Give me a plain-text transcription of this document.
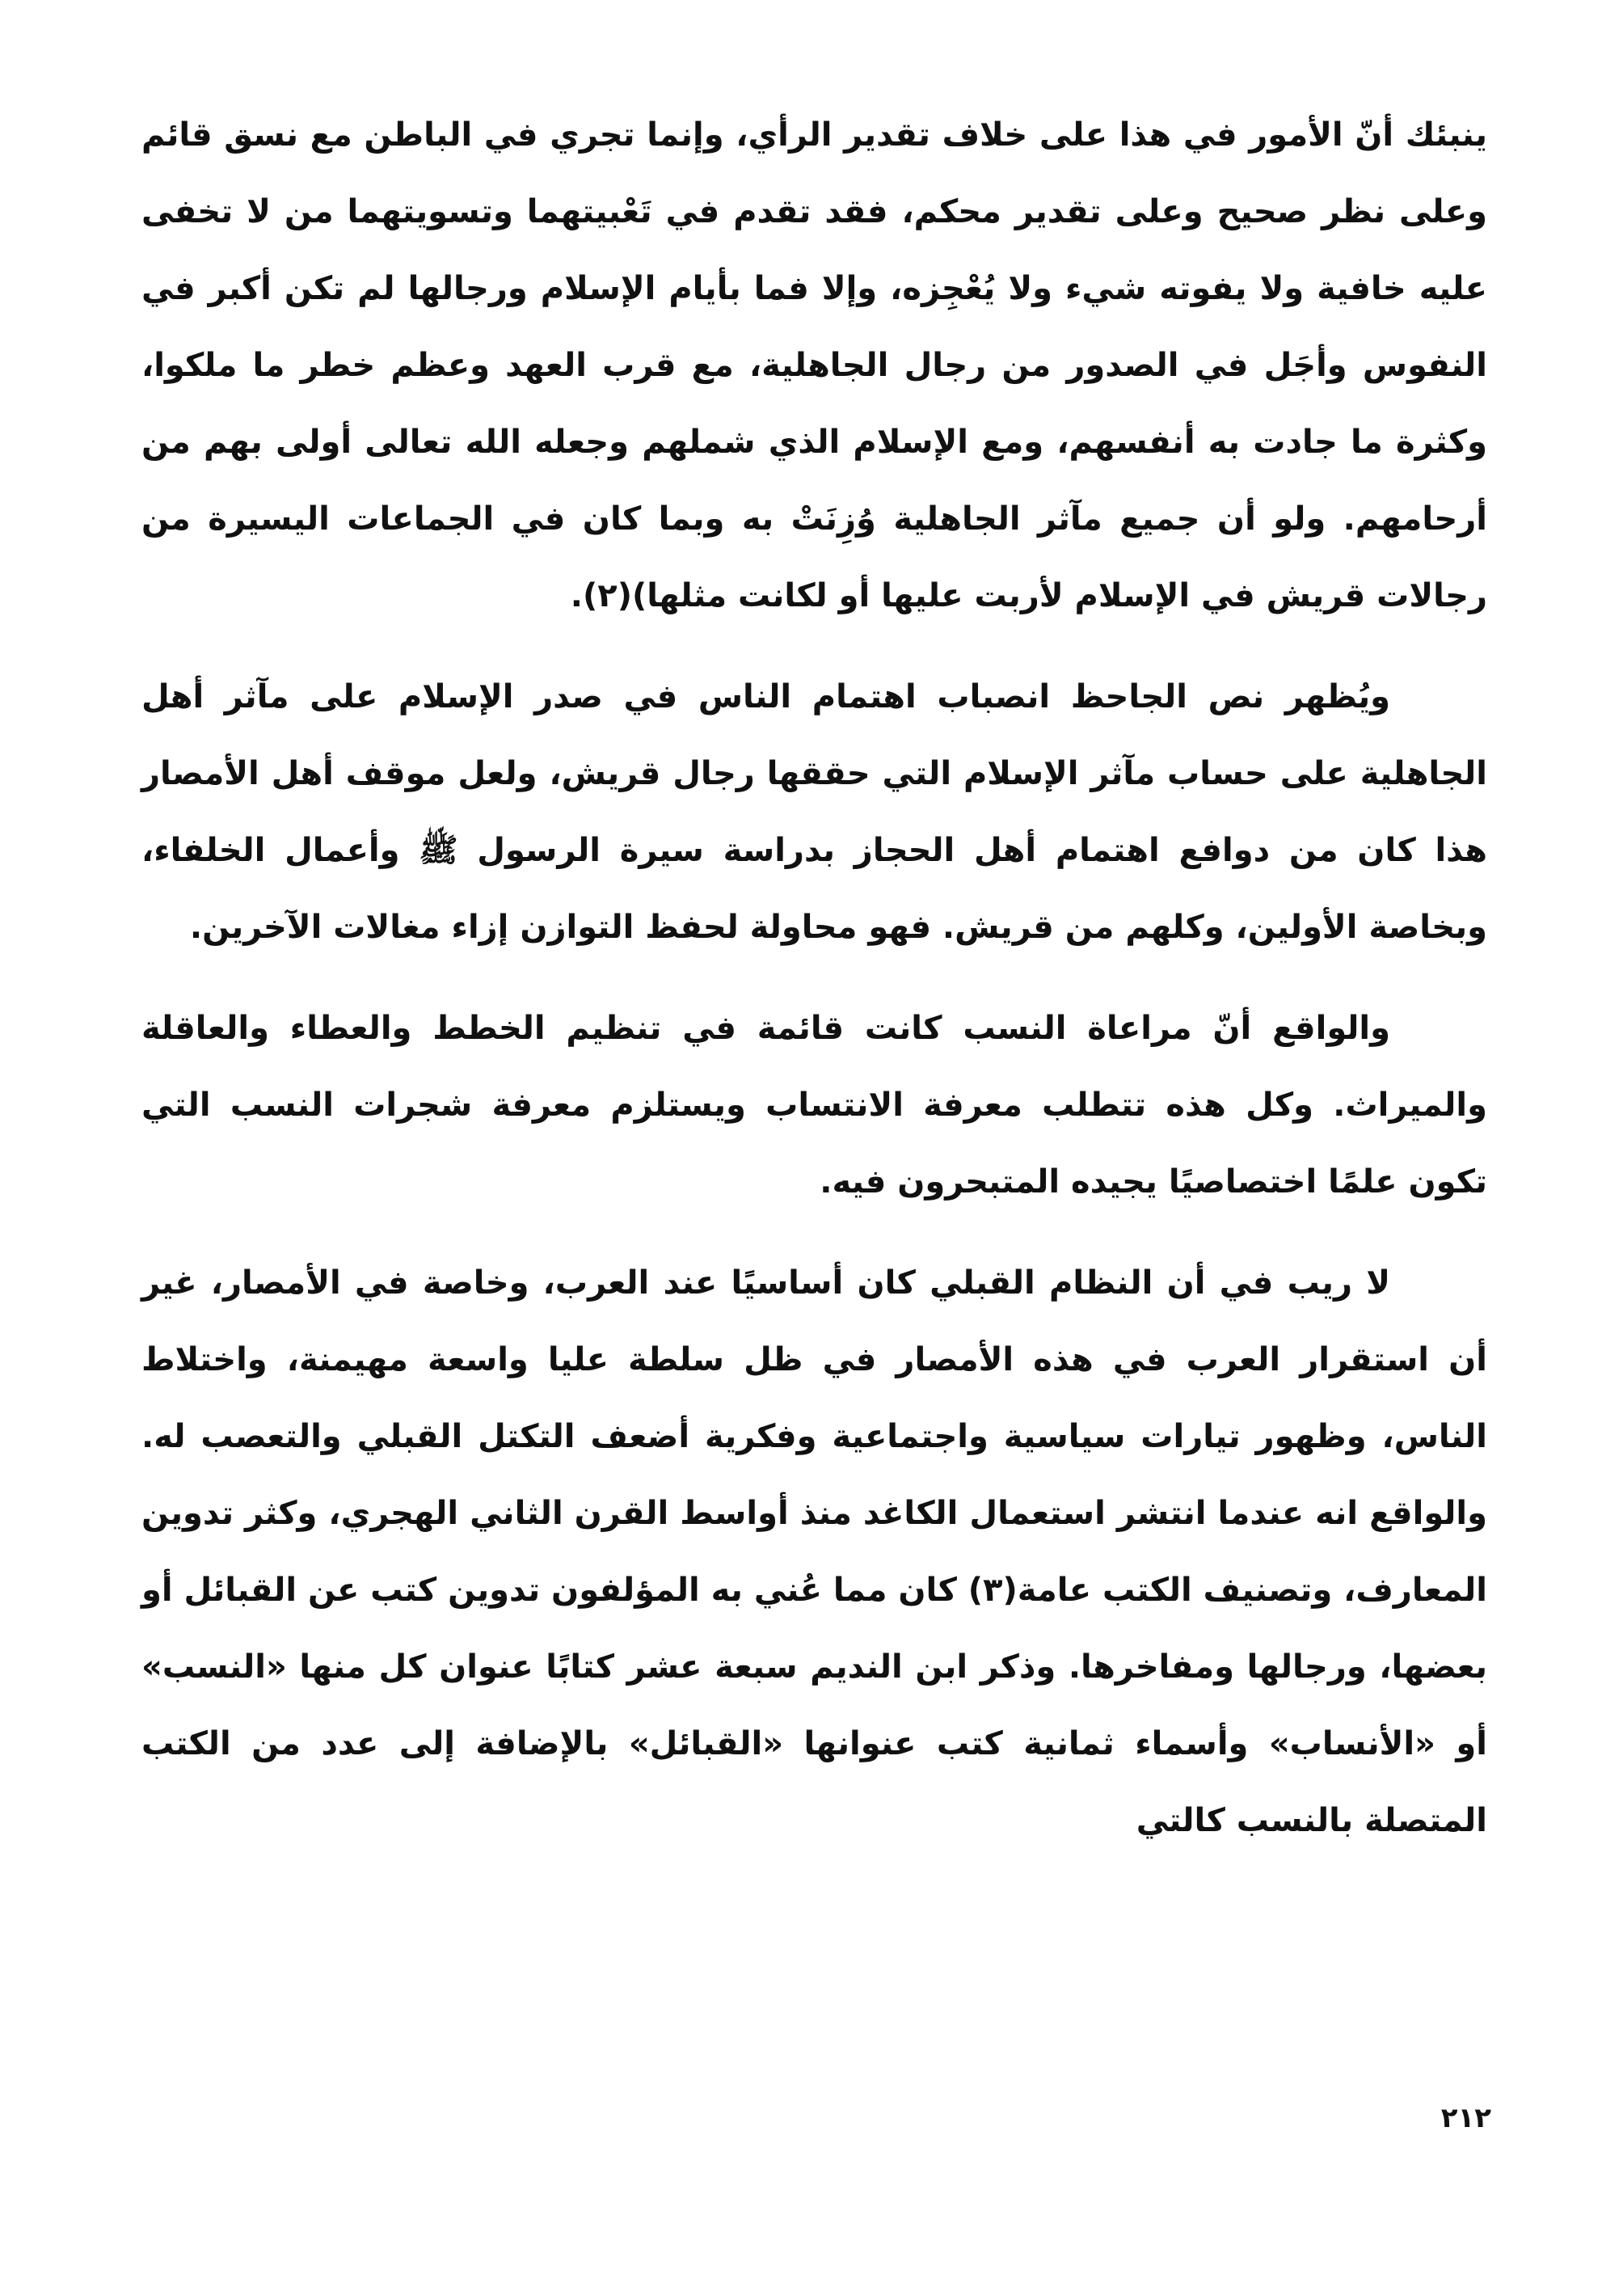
ينبئك أنّ الأمور في هذا على خلاف تقدير الرأي، وإنما تجري في الباطن مع نسق قائم وعلى نظر صحيح وعلى تقدير محكم، فقد تقدم في تَعْبيتهما وتسويتهما من لا تخفى عليه خافية ولا يفوته شيء ولا يُعْجِزه، وإلا فما بأيام الإسلام ورجالها لم تكن أكبر في النفوس وأجَل في الصدور من رجال الجاهلية، مع قرب العهد وعظم خطر ما ملكوا، وكثرة ما جادت به أنفسهم، ومع الإسلام الذي شملهم وجعله الله تعالى أولى بهم من أرحامهم. ولو أن جميع مآثر الجاهلية وُزِنَتْ به وبما كان في الجماعات اليسيرة من رجالات قريش في الإسلام لأربت عليها أو لكانت مثلها)(٢).

ويُظهر نص الجاحظ انصباب اهتمام الناس في صدر الإسلام على مآثر أهل الجاهلية على حساب مآثر الإسلام التي حققها رجال قريش، ولعل موقف أهل الأمصار هذا كان من دوافع اهتمام أهل الحجاز بدراسة سيرة الرسول ﷺ وأعمال الخلفاء، وبخاصة الأولين، وكلهم من قريش. فهو محاولة لحفظ التوازن إزاء مغالات الآخرين.

والواقع أنّ مراعاة النسب كانت قائمة في تنظيم الخطط والعطاء والعاقلة والميراث. وكل هذه تتطلب معرفة الانتساب ويستلزم معرفة شجرات النسب التي تكون علمًا اختصاصيًا يجيده المتبحرون فيه.

لا ريب في أن النظام القبلي كان أساسيًا عند العرب، وخاصة في الأمصار، غير أن استقرار العرب في هذه الأمصار في ظل سلطة عليا واسعة مهيمنة، واختلاط الناس، وظهور تيارات سياسية واجتماعية وفكرية أضعف التكتل القبلي والتعصب له. والواقع انه عندما انتشر استعمال الكاغد منذ أواسط القرن الثاني الهجري، وكثر تدوين المعارف، وتصنيف الكتب عامة(٣) كان مما عُني به المؤلفون تدوين كتب عن القبائل أو بعضها، ورجالها ومفاخرها. وذكر ابن النديم سبعة عشر كتابًا عنوان كل منها «النسب» أو «الأنساب» وأسماء ثمانية كتب عنوانها «القبائل» بالإضافة إلى عدد من الكتب المتصلة بالنسب كالتي

٢١٢
